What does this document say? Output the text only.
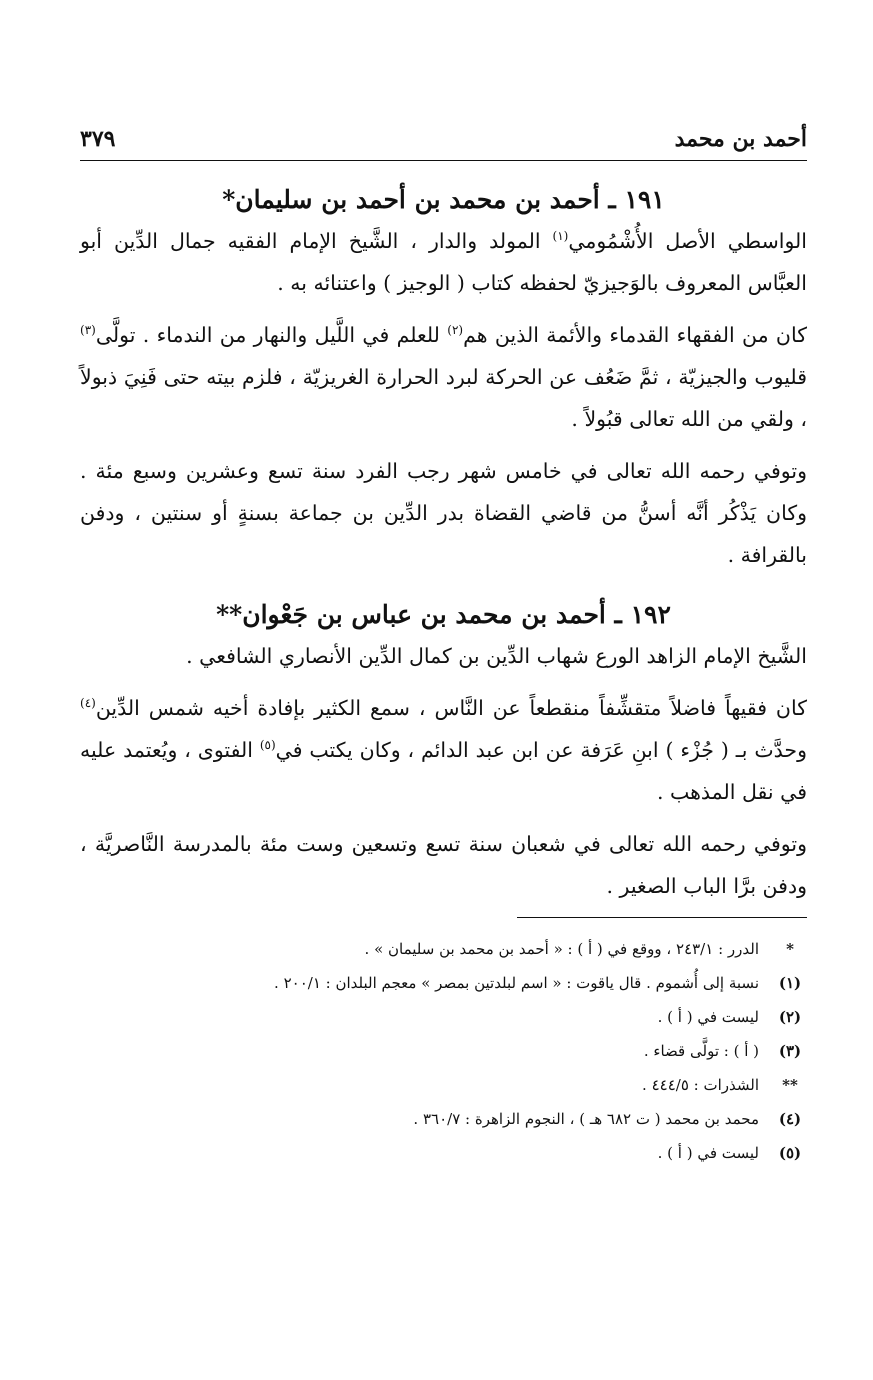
أحمد بن محمد
٣٧٩
١٩١ ـ أحمد بن محمد بن أحمد بن سليمان*

الواسطي الأصل الأُشْمُومي$^{(١)}$ المولد والدار ، الشَّيخ الإمام الفقيه جمال الدِّين أبو العبَّاس المعروف بالوَجيزيّ لحفظه كتاب ( الوجيز ) واعتنائه به .

كان من الفقهاء القدماء والأئمة الذين هم$^{(٢)}$ للعلم في اللَّيل والنهار من الندماء . تولَّى$^{(٣)}$ قليوب والجيزيّة ، ثمَّ ضَعُف عن الحركة لبرد الحرارة الغريزيّة ، فلزم بيته حتى فَنِيَ ذبولاً ، ولقي من الله تعالى قبُولاً .

وتوفي رحمه الله تعالى في خامس شهر رجب الفرد سنة تسع وعشرين وسبع مئة . وكان يَذْكُر أنَّه أسنُّ من قاضي القضاة بدر الدِّين بن جماعة بسنةٍ أو سنتين ، ودفن بالقرافة .

١٩٢ ـ أحمد بن محمد بن عباس بن جَعْوان**

الشَّيخ الإمام الزاهد الورع شهاب الدِّين بن كمال الدِّين الأنصاري الشافعي .

كان فقيهاً فاضلاً متقشِّفاً منقطعاً عن النَّاس ، سمع الكثير بإفادة أخيه شمس الدِّين$^{(٤)}$ وحدَّث بـ ( جُزْء ) ابنِ عَرَفة عن ابن عبد الدائم ، وكان يكتب في$^{(٥)}$ الفتوى ، ويُعتمد عليه في نقل المذهب .

وتوفي رحمه الله تعالى في شعبان سنة تسع وتسعين وست مئة بالمدرسة النَّاصريَّة ، ودفن برَّا الباب الصغير .

*
الدرر : ٢٤٣/١ ، ووقع في ( أ ) : « أحمد بن محمد بن سليمان » .
(١)
نسبة إلى أُشموم . قال ياقوت : « اسم لبلدتين بمصر » معجم البلدان : ٢٠٠/١ .
(٢)
ليست في ( أ ) .
(٣)
( أ ) : تولَّى قضاء .
**
الشذرات : ٤٤٤/٥ .
(٤)
محمد بن محمد ( ت ٦٨٢ هـ ) ، النجوم الزاهرة : ٣٦٠/٧ .
(٥)
ليست في ( أ ) .
